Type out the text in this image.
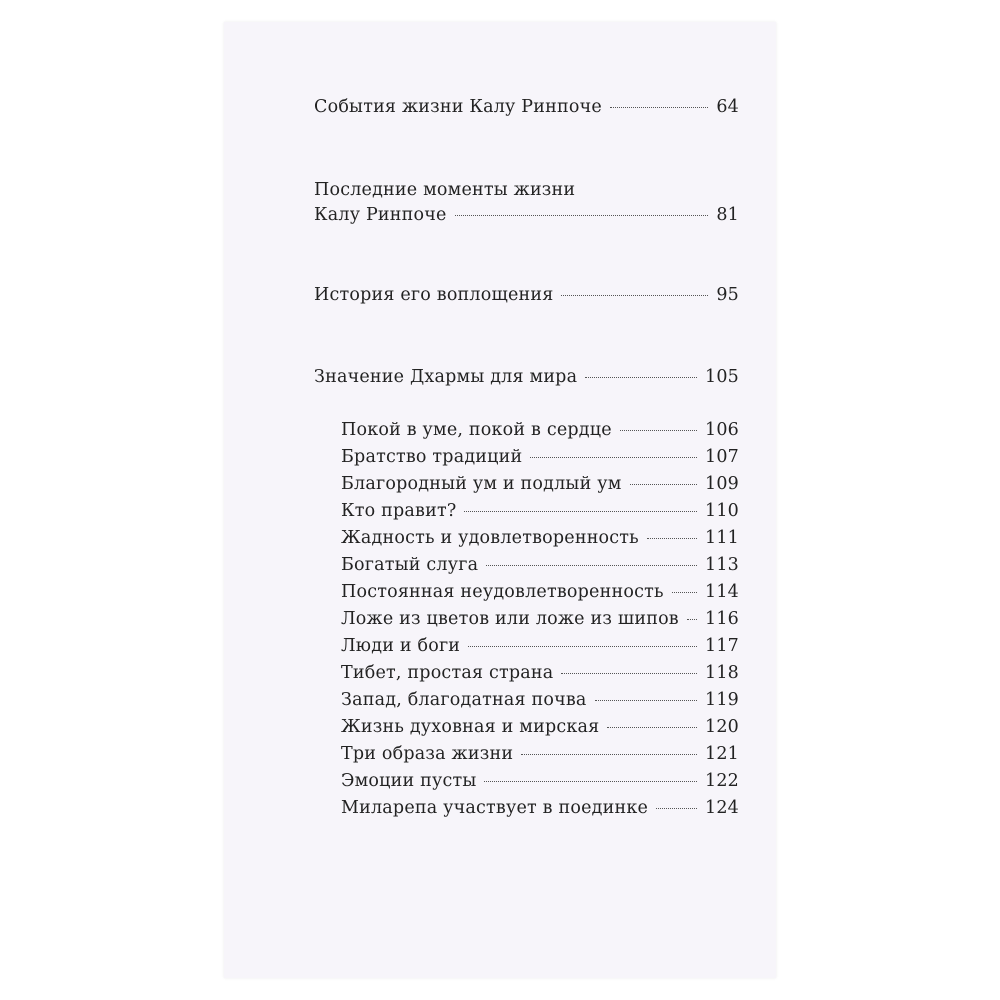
События жизни Калу Ринпоче	64
Последние моменты жизни
Калу Ринпоче	81
История его воплощения	95
Значение Дхармы для мира	105
Покой в уме, покой в сердце	106
Братство традиций	107
Благородный ум и подлый ум	109
Кто правит?	110
Жадность и удовлетворенность	111
Богатый слуга	113
Постоянная неудовлетворенность 114
Ложе из цветов или ложе из шипов 116
Люди и боги	117
Тибет, простая страна	118
Запад, благодатная почва	119
Жизнь духовная и мирская	120
Три образа жизни	121
Эмоции пусты	122
Миларепа участвует в поединке	124
